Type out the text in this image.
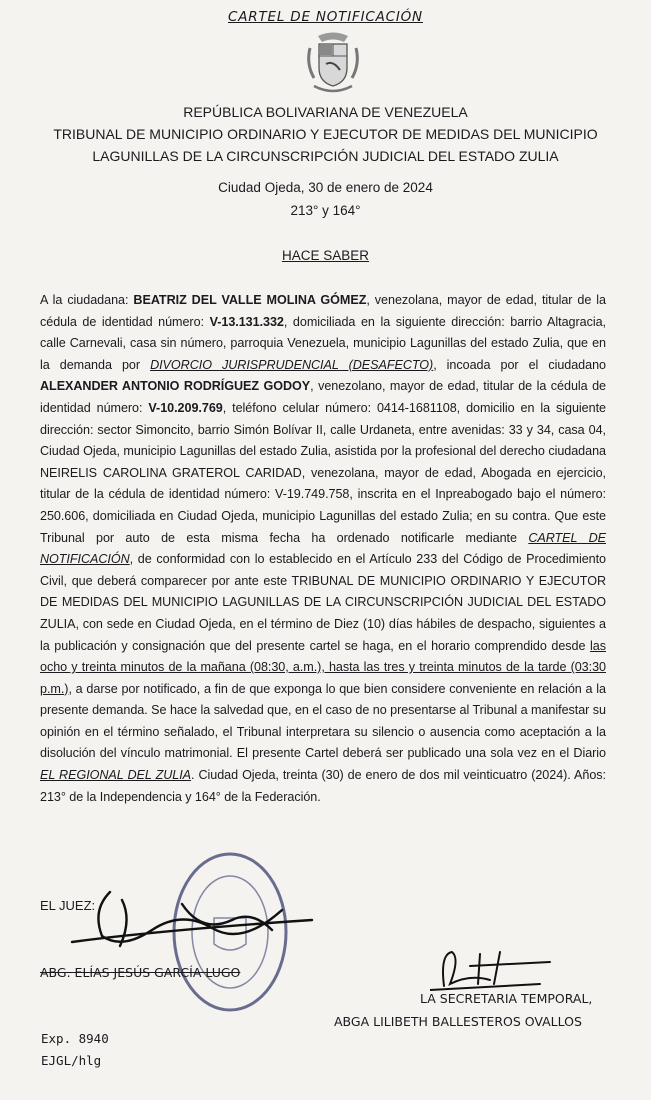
CARTEL DE NOTIFICACIÓN
REPÚBLICA BOLIVARIANA DE VENEZUELA
TRIBUNAL DE MUNICIPIO ORDINARIO Y EJECUTOR DE MEDIDAS DEL MUNICIPIO
LAGUNILLAS DE LA CIRCUNSCRIPCIÓN JUDICIAL DEL ESTADO ZULIA
Ciudad Ojeda, 30 de enero de 2024
213° y 164°
HACE SABER
A la ciudadana: BEATRIZ DEL VALLE MOLINA GÓMEZ, venezolana, mayor de edad, titular de la cédula de identidad número: V-13.131.332, domiciliada en la siguiente dirección: barrio Altagracia, calle Carnevali, casa sin número, parroquia Venezuela, municipio Lagunillas del estado Zulia, que en la demanda por DIVORCIO JURISPRUDENCIAL (DESAFECTO), incoada por el ciudadano ALEXANDER ANTONIO RODRÍGUEZ GODOY, venezolano, mayor de edad, titular de la cédula de identidad número: V-10.209.769, teléfono celular número: 0414-1681108, domicilio en la siguiente dirección: sector Simoncito, barrio Simón Bolívar II, calle Urdaneta, entre avenidas: 33 y 34, casa 04, Ciudad Ojeda, municipio Lagunillas del estado Zulia, asistida por la profesional del derecho ciudadana NEIRELIS CAROLINA GRATEROL CARIDAD, venezolana, mayor de edad, Abogada en ejercicio, titular de la cédula de identidad número: V-19.749.758, inscrita en el Inpreabogado bajo el número: 250.606, domiciliada en Ciudad Ojeda, municipio Lagunillas del estado Zulia; en su contra. Que este Tribunal por auto de esta misma fecha ha ordenado notificarle mediante CARTEL DE NOTIFICACIÓN, de conformidad con lo establecido en el Artículo 233 del Código de Procedimiento Civil, que deberá comparecer por ante este TRIBUNAL DE MUNICIPIO ORDINARIO Y EJECUTOR DE MEDIDAS DEL MUNICIPIO LAGUNILLAS DE LA CIRCUNSCRIPCIÓN JUDICIAL DEL ESTADO ZULIA, con sede en Ciudad Ojeda, en el término de Diez (10) días hábiles de despacho, siguientes a la publicación y consignación que del presente cartel se haga, en el horario comprendido desde las ocho y treinta minutos de la mañana (08:30, a.m.), hasta las tres y treinta minutos de la tarde (03:30 p.m.), a darse por notificado, a fin de que exponga lo que bien considere conveniente en relación a la presente demanda. Se hace la salvedad que, en el caso de no presentarse al Tribunal a manifestar su opinión en el término señalado, el Tribunal interpretara su silencio o ausencia como aceptación a la disolución del vínculo matrimonial. El presente Cartel deberá ser publicado una sola vez en el Diario EL REGIONAL DEL ZULIA. Ciudad Ojeda, treinta (30) de enero de dos mil veinticuatro (2024). Años: 213° de la Independencia y 164° de la Federación.
EL JUEZ:
ABG. ELÍAS JESÚS GARCÍA LUGO
LA SECRETARIA TEMPORAL,
ABGA LILIBETH BALLESTEROS OVALLOS
Exp. 8940
EJGL/hlg
